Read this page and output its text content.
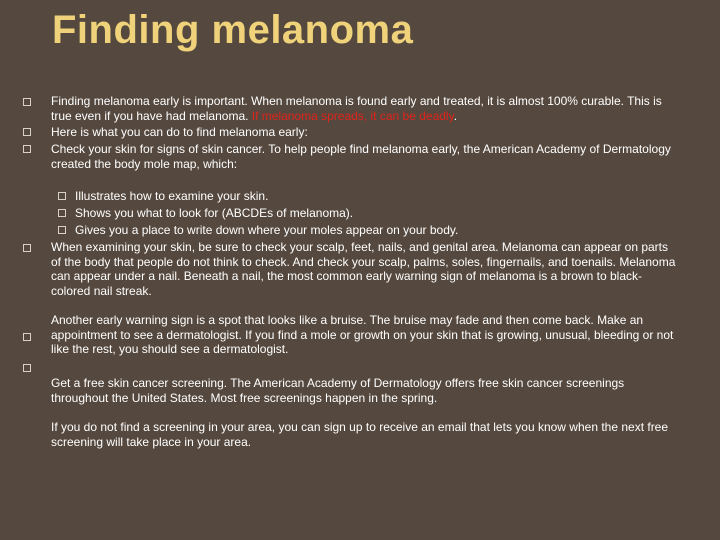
Finding melanoma
Finding melanoma early is important. When melanoma is found early and treated, it is almost 100% curable. This is true even if you have had melanoma. If melanoma spreads, it can be deadly.
Here is what you can do to find melanoma early:
Check your skin for signs of skin cancer. To help people find melanoma early, the American Academy of Dermatology created the body mole map, which:
Illustrates how to examine your skin.
Shows you what to look for (ABCDEs of melanoma).
Gives you a place to write down where your moles appear on your body.
When examining your skin, be sure to check your scalp, feet, nails, and genital area. Melanoma can appear on parts of the body that people do not think to check. And check your scalp, palms, soles, fingernails, and toenails. Melanoma can appear under a nail. Beneath a nail, the most common early warning sign of melanoma is a brown to black-colored nail streak.
Another early warning sign is a spot that looks like a bruise. The bruise may fade and then come back. Make an appointment to see a dermatologist. If you find a mole or growth on your skin that is growing, unusual, bleeding or not like the rest, you should see a dermatologist.
Get a free skin cancer screening. The American Academy of Dermatology offers free skin cancer screenings throughout the United States. Most free screenings happen in the spring.
If you do not find a screening in your area, you can sign up to receive an email that lets you know when the next free screening will take place in your area.
